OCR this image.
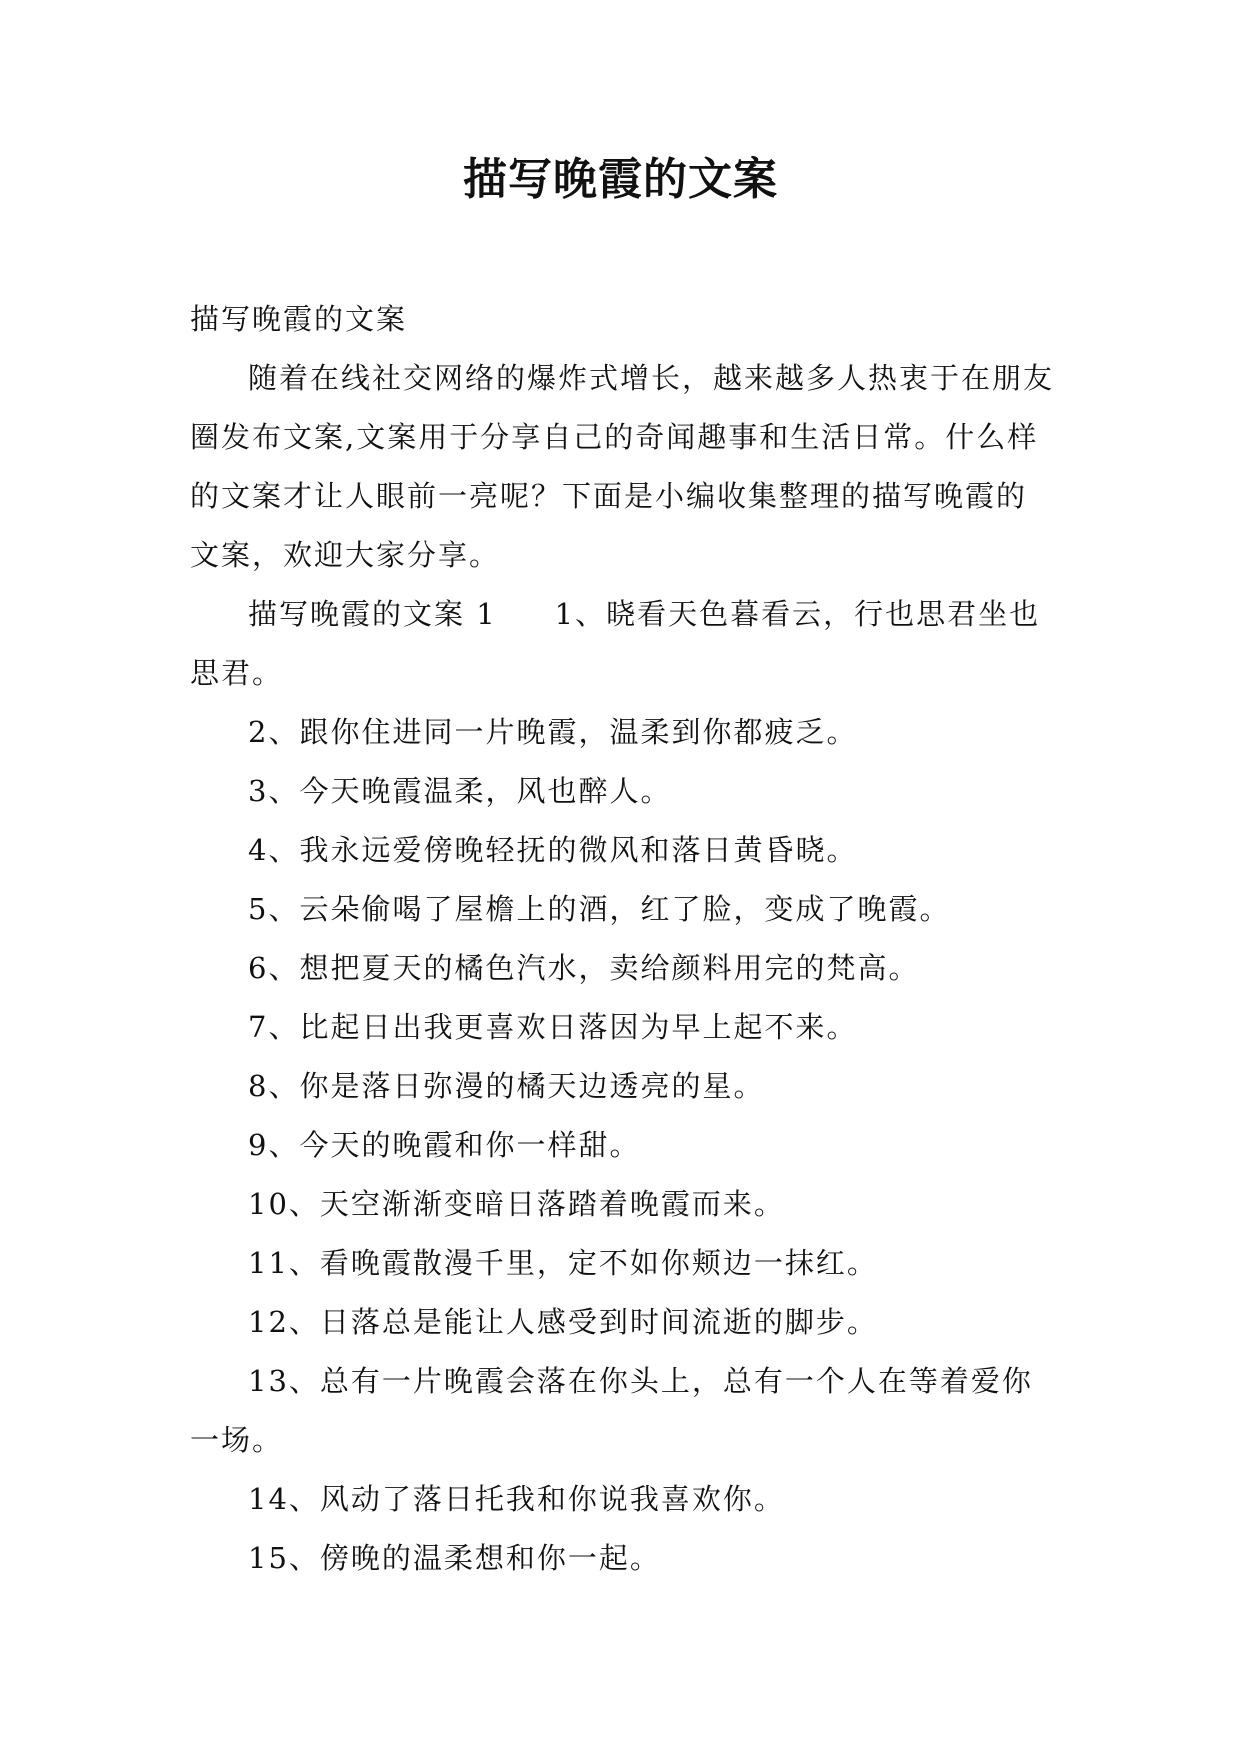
描写晚霞的文案

描写晚霞的文案

随着在线社交网络的爆炸式增长，越来越多人热衷于在朋友圈发布文案,文案用于分享自己的奇闻趣事和生活日常。什么样的文案才让人眼前一亮呢？下面是小编收集整理的描写晚霞的文案，欢迎大家分享。

描写晚霞的文案 1 1、晓看天色暮看云，行也思君坐也思君。

2、跟你住进同一片晚霞，温柔到你都疲乏。

3、今天晚霞温柔，风也醉人。

4、我永远爱傍晚轻抚的微风和落日黄昏晓。

5、云朵偷喝了屋檐上的酒，红了脸，变成了晚霞。

6、想把夏天的橘色汽水，卖给颜料用完的梵高。

7、比起日出我更喜欢日落因为早上起不来。

8、你是落日弥漫的橘天边透亮的星。

9、今天的晚霞和你一样甜。

10、天空渐渐变暗日落踏着晚霞而来。

11、看晚霞散漫千里，定不如你颊边一抹红。

12、日落总是能让人感受到时间流逝的脚步。

13、总有一片晚霞会落在你头上，总有一个人在等着爱你一场。

14、风动了落日托我和你说我喜欢你。

15、傍晚的温柔想和你一起。
